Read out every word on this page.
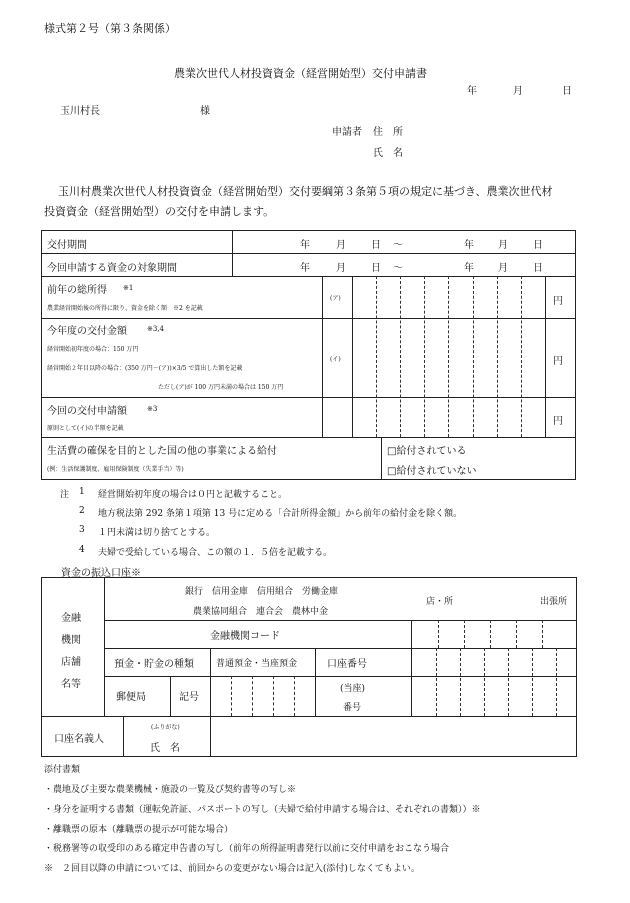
様式第２号（第３条関係）
農業次世代人材投資資金（経営開始型）交付申請書
年	月	日
玉川村長	様
申請者 住　所
氏　名
玉川村農業次世代人材投資資金（経営開始型）交付要綱第３条第５項の規定に基づき、農業次世代材
投資資金（経営開始型）の交付を申請します。
交付期間	年	月	日 〜	年 月	日
今回申請する資金の対象期間	年	月	日 〜	年 月	日
前年の総所得 ※1
農業経営開始後の所得に限り、資金を除く額　※2 を記載
(ア)	円
今年度の交付金額	※3,4
経営開始初年度の場合：150 万円
経営開始２年目以降の場合：(350 万円－(ア))×3/5 で算出した額を記載
ただし(ア)が 100 万円未満の場合は 150 万円
(イ)	円
今回の交付申請額	※3
原則として(イ)の半額を記載
円
生活費の確保を目的とした国の他の事業による給付
(例：生活保護制度、雇用保険制度（失業手当）等)
□給付されている
□給付されていない
注 1 経営開始初年度の場合は０円と記載すること。
2 地方税法第 292 条第１項第 13 号に定める「合計所得金額」から前年の給付金を除く額。
3 １円未満は切り捨てとする。
4 夫婦で受給している場合、この額の１．５倍を記載する。
資金の振込口座※
金融
機関
店舗
名等
銀行　信用金庫　信用組合　労働金庫
農業協同組合　連合会　農林中金
店・所	出張所
金融機関コード
預金・貯金の種類 普通預金・当座預金	口座番号
郵便局	記号
(当座)
番号
口座名義人
(ふりがな)
氏　名
添付書類
・農地及び主要な農業機械・施設の一覧及び契約書等の写し※
・身分を証明する書類（運転免許証、パスポートの写し（夫婦で給付申請する場合は、それぞれの書類））※
・離職票の原本（離職票の提示が可能な場合）
・税務署等の収受印のある確定申告書の写し（前年の所得証明書発行以前に交付申請をおこなう場合
※　２回目以降の申請については、前回からの変更がない場合は記入(添付)しなくてもよい。
